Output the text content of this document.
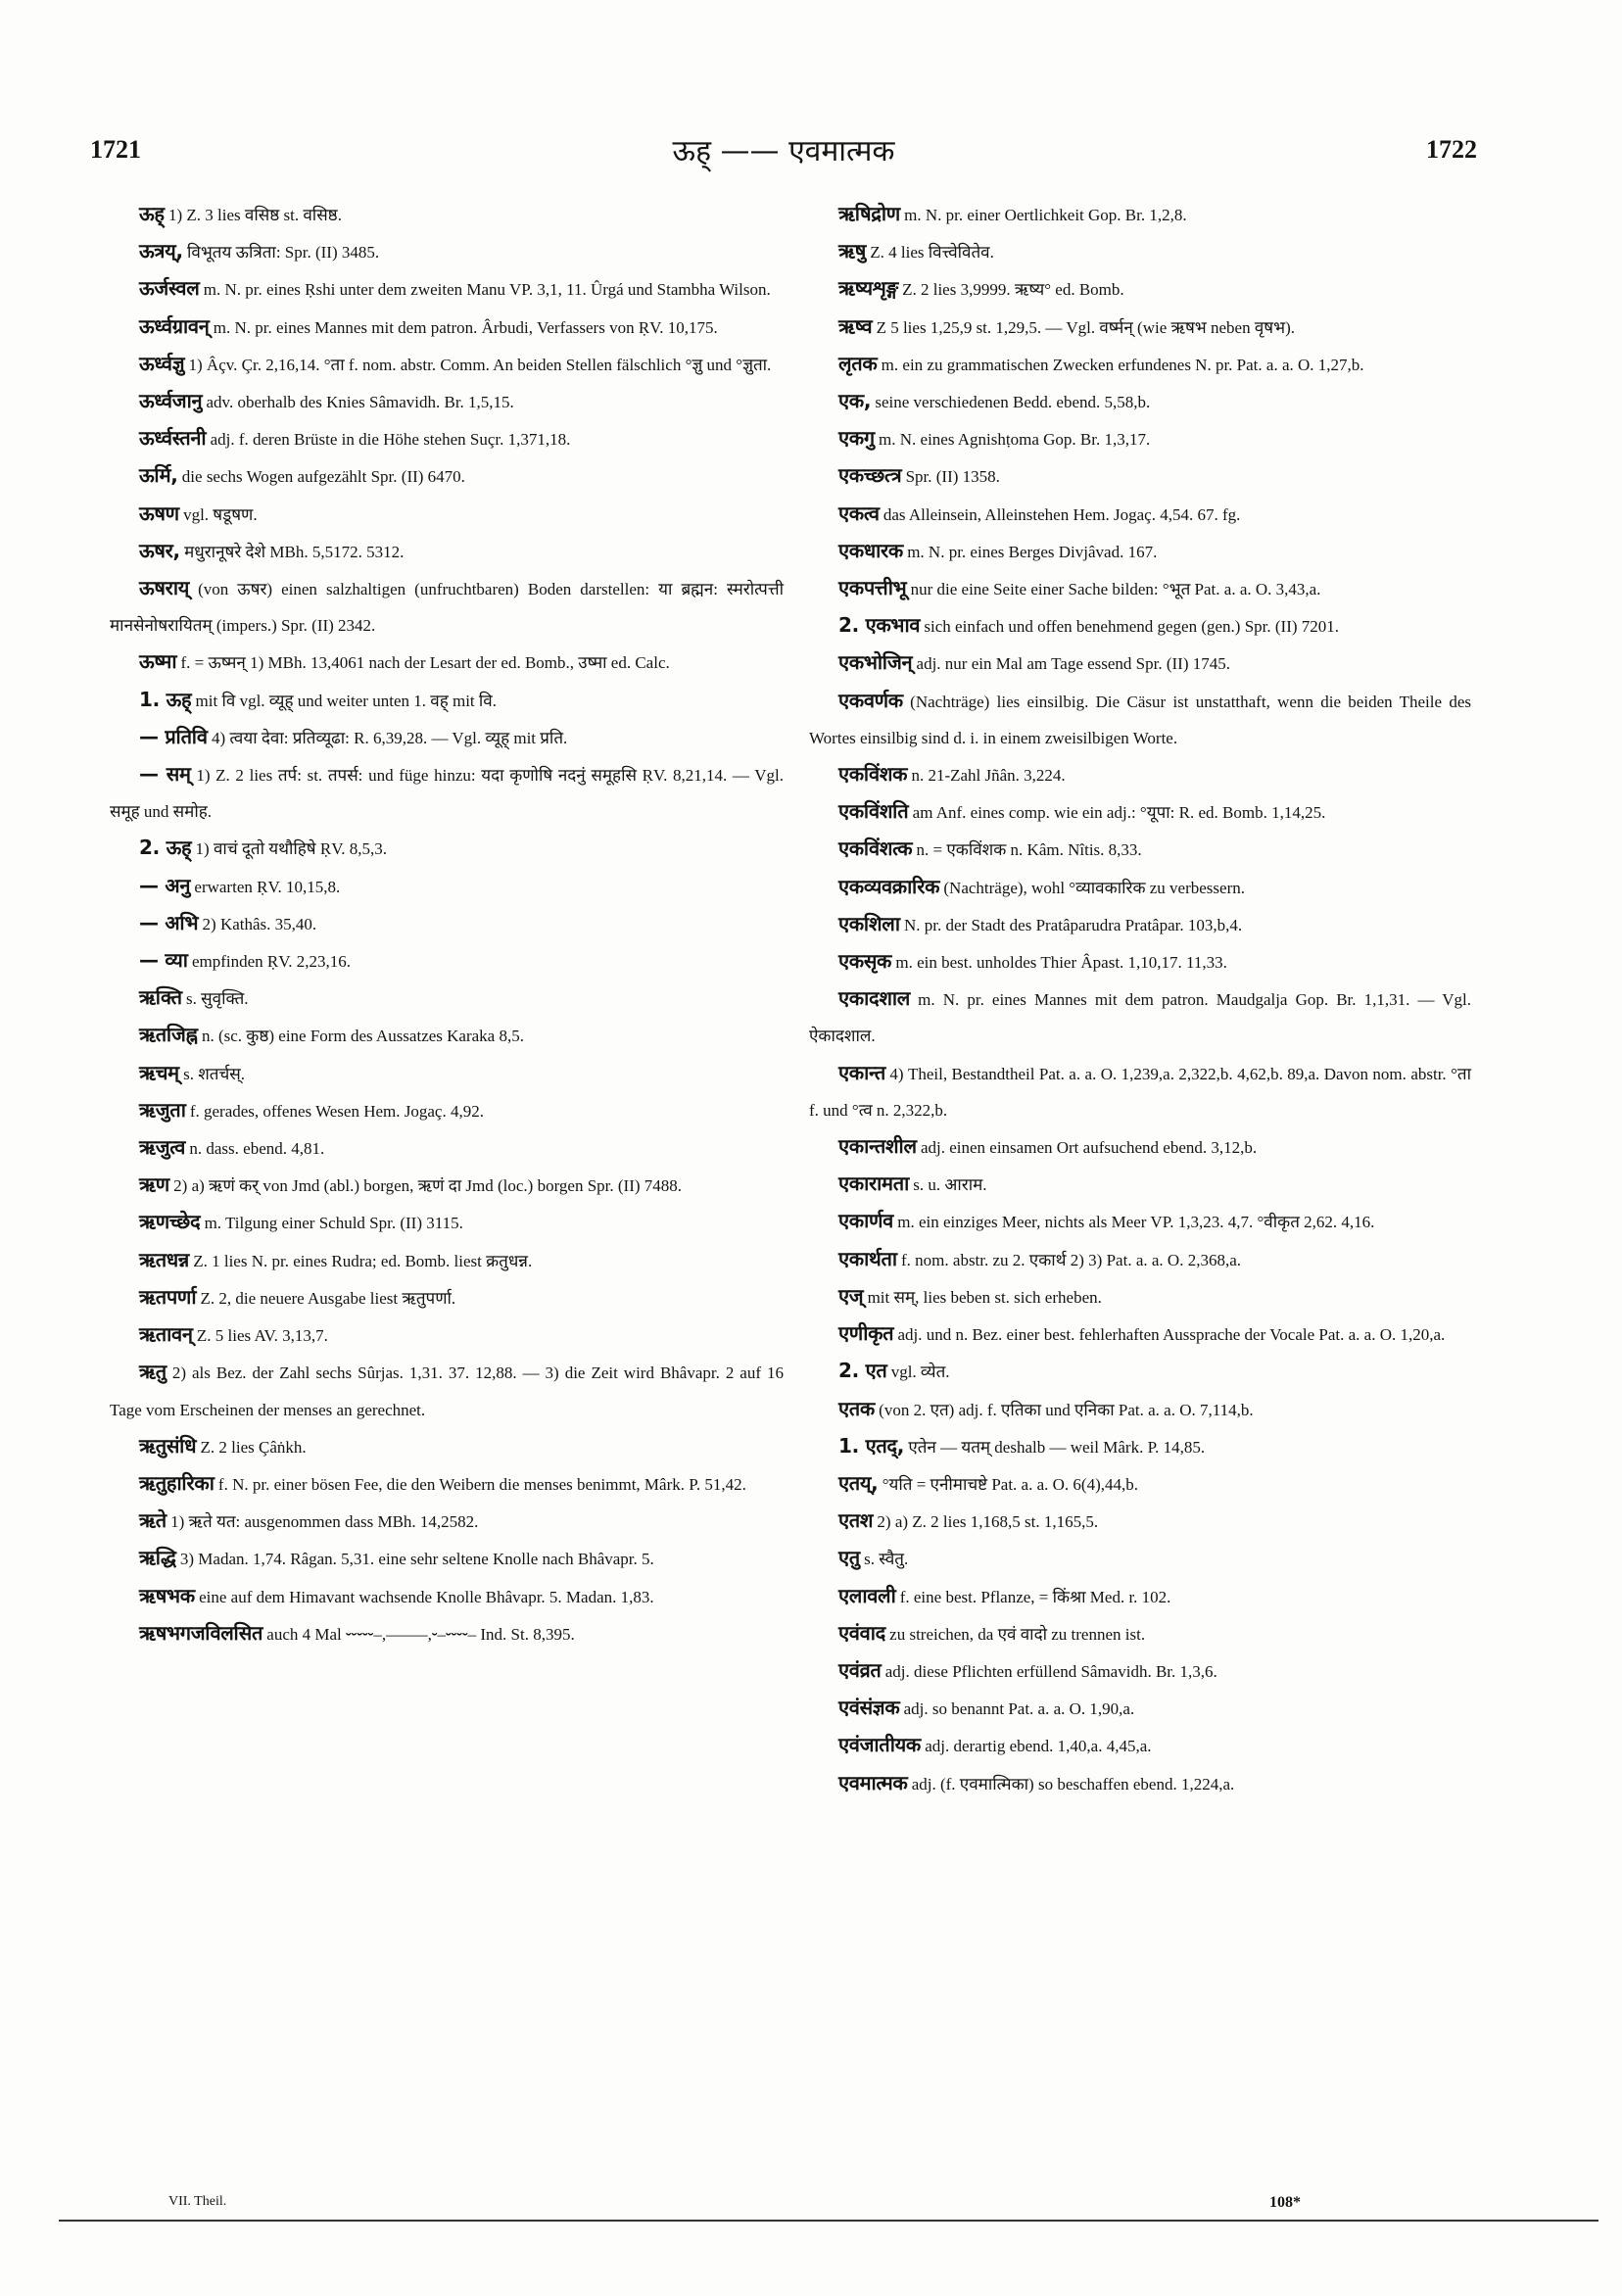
1721	ऊह् —— एवमात्मक	1722

ऊह् 1) Z. 3 lies वसिष्ठ st. वसिष्ठ.

ऊत्रय्, विभूतय ऊत्रिता: Spr. (II) 3485.

ऊर्जस्वल m. N. pr. eines Ṛshi unter dem zweiten Manu VP. 3,1, 11. Ûrgá und Stambha Wilson.

ऊर्ध्वग्रावन् m. N. pr. eines Mannes mit dem patron. Ârbudi, Verfassers von ṚV. 10,175.

ऊर्ध्वज्ञु 1) Âçv. Çr. 2,16,14. °ता f. nom. abstr. Comm. An beiden Stellen fälschlich °ज्ञु und °ज्ञुता.

ऊर्ध्वजानु adv. oberhalb des Knies Sâmavidh. Br. 1,5,15.

ऊर्ध्वस्तनी adj. f. deren Brüste in die Höhe stehen Suçr. 1,371,18.

ऊर्मि, die sechs Wogen aufgezählt Spr. (II) 6470.

ऊषण vgl. षडूषण.

ऊषर, मधुरानूषरे देशे MBh. 5,5172. 5312.

ऊषराय् (von ऊषर) einen salzhaltigen (unfruchtbaren) Boden darstellen: या ब्रह्मन: स्मरोत्पत्ती मानसेनोषरायितम् (impers.) Spr. (II) 2342.

ऊष्मा f. = ऊष्मन् 1) MBh. 13,4061 nach der Lesart der ed. Bomb., उष्मा ed. Calc.

1. ऊह् mit वि vgl. व्यूह् und weiter unten 1. वह् mit वि.

— प्रतिवि 4) त्वया देवा: प्रतिव्यूढा: R. 6,39,28. — Vgl. व्यूह् mit प्रति.

— सम् 1) Z. 2 lies तर्प: st. तपर्स: und füge hinzu: यदा कृणोषि नदनुं समूहसि ṚV. 8,21,14. — Vgl. समूह und समोह.

2. ऊह् 1) वाचं दूतो यथौहिषे ṚV. 8,5,3.

— अनु erwarten ṚV. 10,15,8.

— अभि 2) Kathâs. 35,40.

— व्या empfinden ṚV. 2,23,16.

ऋक्ति s. सुवृक्ति.

ऋतजिह्न n. (sc. कुष्ठ) eine Form des Aussatzes Karaka 8,5.

ऋचम् s. शतर्चस्.

ऋजुता f. gerades, offenes Wesen Hem. Jogaç. 4,92.

ऋजुत्व n. dass. ebend. 4,81.

ऋण 2) a) ऋणं कर् von Jmd (abl.) borgen, ऋणं दा Jmd (loc.) borgen Spr. (II) 7488.

ऋणच्छेद m. Tilgung einer Schuld Spr. (II) 3115.

ऋतधन्न Z. 1 lies N. pr. eines Rudra; ed. Bomb. liest क्रतुधन्न.

ऋतपर्णा Z. 2, die neuere Ausgabe liest ऋतुपर्णा.

ऋतावन् Z. 5 lies AV. 3,13,7.

ऋतु 2) als Bez. der Zahl sechs Sûrjas. 1,31. 37. 12,88. — 3) die Zeit wird Bhâvapr. 2 auf 16 Tage vom Erscheinen der menses an gerechnet.

ऋतुसंधि Z. 2 lies Çâṅkh.

ऋतुहारिका f. N. pr. einer bösen Fee, die den Weibern die menses benimmt, Mârk. P. 51,42.

ऋते 1) ऋते यत: ausgenommen dass MBh. 14,2582.

ऋद्धि 3) Madan. 1,74. Râgan. 5,31. eine sehr seltene Knolle nach Bhâvapr. 5.

ऋषभक eine auf dem Himavant wachsende Knolle Bhâvapr. 5. Madan. 1,83.

ऋषभगजविलसित auch 4 Mal ⏑⏑⏑⏑⏑–,–––––,⏑–⏑⏑⏑⏑– Ind. St. 8,395.

ऋषिद्रोण m. N. pr. einer Oertlichkeit Gop. Br. 1,2,8.

ऋषु Z. 4 lies वित्त्वेवितेव.

ऋष्यशृङ्ग Z. 2 lies 3,9999. ऋष्य° ed. Bomb.

ऋष्व Z 5 lies 1,25,9 st. 1,29,5. — Vgl. वर्ष्मन् (wie ऋषभ neben वृषभ).

लृतक m. ein zu grammatischen Zwecken erfundenes N. pr. Pat. a. a. O. 1,27,b.

एक, seine verschiedenen Bedd. ebend. 5,58,b.

एकगु m. N. eines Agnishṭoma Gop. Br. 1,3,17.

एकच्छत्त्र Spr. (II) 1358.

एकत्व das Alleinsein, Alleinstehen Hem. Jogaç. 4,54. 67. fg.

एकधारक m. N. pr. eines Berges Divjâvad. 167.

एकपत्तीभू nur die eine Seite einer Sache bilden: °भूत Pat. a. a. O. 3,43,a.

2. एकभाव sich einfach und offen benehmend gegen (gen.) Spr. (II) 7201.

एकभोजिन् adj. nur ein Mal am Tage essend Spr. (II) 1745.

एकवर्णक (Nachträge) lies einsilbig. Die Cäsur ist unstatthaft, wenn die beiden Theile des Wortes einsilbig sind d. i. in einem zweisilbigen Worte.

एकविंशक n. 21-Zahl Jñân. 3,224.

एकविंशति am Anf. eines comp. wie ein adj.: °यूपा: R. ed. Bomb. 1,14,25.

एकविंशत्क n. = एकविंशक n. Kâm. Nîtis. 8,33.

एकव्यवक्रारिक (Nachträge), wohl °व्यावकारिक zu verbessern.

एकशिला N. pr. der Stadt des Pratâparudra Pratâpar. 103,b,4.

एकसृक m. ein best. unholdes Thier Âpast. 1,10,17. 11,33.

एकादशाल m. N. pr. eines Mannes mit dem patron. Maudgalja Gop. Br. 1,1,31. — Vgl. ऐकादशाल.

एकान्त 4) Theil, Bestandtheil Pat. a. a. O. 1,239,a. 2,322,b. 4,62,b. 89,a. Davon nom. abstr. °ता f. und °त्व n. 2,322,b.

एकान्तशील adj. einen einsamen Ort aufsuchend ebend. 3,12,b.

एकारामता s. u. आराम.

एकार्णव m. ein einziges Meer, nichts als Meer VP. 1,3,23. 4,7. °वीकृत 2,62. 4,16.

एकार्थता f. nom. abstr. zu 2. एकार्थ 2) 3) Pat. a. a. O. 2,368,a.

एज् mit सम्, lies beben st. sich erheben.

एणीकृत adj. und n. Bez. einer best. fehlerhaften Aussprache der Vocale Pat. a. a. O. 1,20,a.

2. एत vgl. व्येत.

एतक (von 2. एत) adj. f. एतिका und एनिका Pat. a. a. O. 7,114,b.

1. एतद्, एतेन — यतम् deshalb — weil Mârk. P. 14,85.

एतय्, °यति = एनीमाचष्टे Pat. a. a. O. 6(4),44,b.

एतश 2) a) Z. 2 lies 1,168,5 st. 1,165,5.

एतु s. स्वैतु.

एलावली f. eine best. Pflanze, = किंश्रा Med. r. 102.

एवंवाद zu streichen, da एवं वादो zu trennen ist.

एवंव्रत adj. diese Pflichten erfüllend Sâmavidh. Br. 1,3,6.

एवंसंज्ञक adj. so benannt Pat. a. a. O. 1,90,a.

एवंजातीयक adj. derartig ebend. 1,40,a. 4,45,a.

एवमात्मक adj. (f. एवमात्मिका) so beschaffen ebend. 1,224,a.

VII. Theil.	108*
